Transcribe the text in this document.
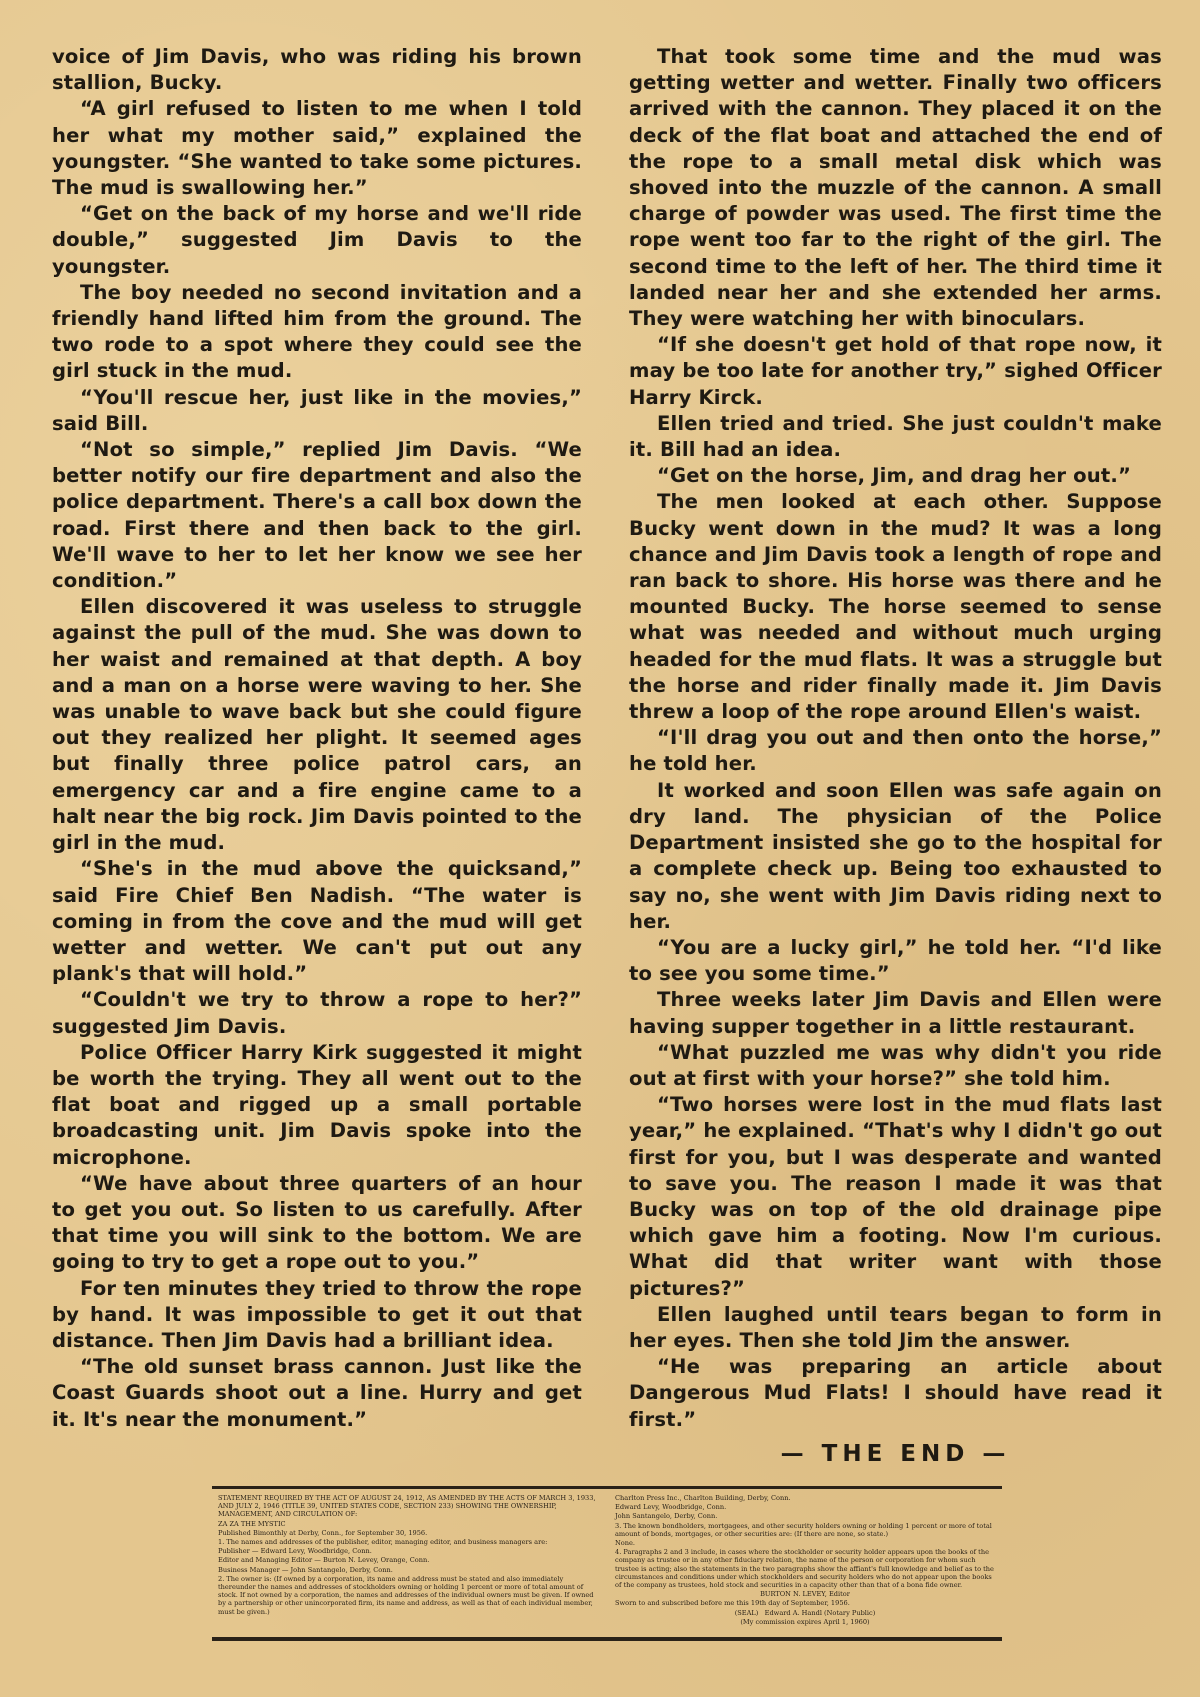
voice of Jim Davis, who was riding his brown stallion, Bucky.

“A girl refused to listen to me when I told her what my mother said,” explained the youngster. “She wanted to take some pictures. The mud is swallowing her.”

“Get on the back of my horse and we'll ride double,” suggested Jim Davis to the youngster.

The boy needed no second invitation and a friendly hand lifted him from the ground. The two rode to a spot where they could see the girl stuck in the mud.

“You'll rescue her, just like in the movies,” said Bill.

“Not so simple,” replied Jim Davis. “We better notify our fire department and also the police department. There's a call box down the road. First there and then back to the girl. We'll wave to her to let her know we see her condition.”

Ellen discovered it was useless to struggle against the pull of the mud. She was down to her waist and remained at that depth. A boy and a man on a horse were waving to her. She was unable to wave back but she could figure out they realized her plight. It seemed ages but finally three police patrol cars, an emergency car and a fire engine came to a halt near the big rock. Jim Davis pointed to the girl in the mud.

“She's in the mud above the quicksand,” said Fire Chief Ben Nadish. “The water is coming in from the cove and the mud will get wetter and wetter. We can't put out any plank's that will hold.”

“Couldn't we try to throw a rope to her?” suggested Jim Davis.

Police Officer Harry Kirk suggested it might be worth the trying. They all went out to the flat boat and rigged up a small portable broadcasting unit. Jim Davis spoke into the microphone.

“We have about three quarters of an hour to get you out. So listen to us carefully. After that time you will sink to the bottom. We are going to try to get a rope out to you.”

For ten minutes they tried to throw the rope by hand. It was impossible to get it out that distance. Then Jim Davis had a brilliant idea.

“The old sunset brass cannon. Just like the Coast Guards shoot out a line. Hurry and get it. It's near the monument.”

That took some time and the mud was getting wetter and wetter. Finally two officers arrived with the cannon. They placed it on the deck of the flat boat and attached the end of the rope to a small metal disk which was shoved into the muzzle of the cannon. A small charge of powder was used. The first time the rope went too far to the right of the girl. The second time to the left of her. The third time it landed near her and she extended her arms. They were watching her with binoculars.

“If she doesn't get hold of that rope now, it may be too late for another try,” sighed Officer Harry Kirck.

Ellen tried and tried. She just couldn't make it. Bill had an idea.

“Get on the horse, Jim, and drag her out.”

The men looked at each other. Suppose Bucky went down in the mud? It was a long chance and Jim Davis took a length of rope and ran back to shore. His horse was there and he mounted Bucky. The horse seemed to sense what was needed and without much urging headed for the mud flats. It was a struggle but the horse and rider finally made it. Jim Davis threw a loop of the rope around Ellen's waist.

“I'll drag you out and then onto the horse,” he told her.

It worked and soon Ellen was safe again on dry land. The physician of the Police Department insisted she go to the hospital for a complete check up. Being too exhausted to say no, she went with Jim Davis riding next to her.

“You are a lucky girl,” he told her. “I'd like to see you some time.”

Three weeks later Jim Davis and Ellen were having supper together in a little restaurant.

“What puzzled me was why didn't you ride out at first with your horse?” she told him.

“Two horses were lost in the mud flats last year,” he explained. “That's why I didn't go out first for you, but I was desperate and wanted to save you. The reason I made it was that Bucky was on top of the old drainage pipe which gave him a footing. Now I'm curious. What did that writer want with those pictures?”

Ellen laughed until tears began to form in her eyes. Then she told Jim the answer.

“He was preparing an article about Dangerous Mud Flats! I should have read it first.”

— THE END —

STATEMENT REQUIRED BY THE ACT OF AUGUST 24, 1912, AS AMENDED BY THE ACTS OF MARCH 3, 1933, AND JULY 2, 1946 (TITLE 39, UNITED STATES CODE, SECTION 233) SHOWING THE OWNERSHIP, MANAGEMENT, AND CIRCULATION OF:

ZA ZA THE MYSTIC

Published Bimonthly at Derby, Conn., for September 30, 1956.

1. The names and addresses of the publisher, editor, managing editor, and business managers are:

Publisher — Edward Levy, Woodbridge, Conn.

Editor and Managing Editor — Burton N. Levey, Orange, Conn.

Business Manager — John Santangelo, Derby, Conn.

2. The owner is: (If owned by a corporation, its name and address must be stated and also immediately thereunder the names and addresses of stockholders owning or holding 1 percent or more of total amount of stock. If not owned by a corporation, the names and addresses of the individual owners must be given. If owned by a partnership or other unincorporated firm, its name and address, as well as that of each individual member, must be given.)

Charlton Press Inc., Charlton Building, Derby, Conn.

Edward Levy, Woodbridge, Conn.

John Santangelo, Derby, Conn.

3. The known bondholders, mortgagees, and other security holders owning or holding 1 percent or more of total amount of bonds, mortgages, or other securities are: (If there are none, so state.)

None.

4. Paragraphs 2 and 3 include, in cases where the stockholder or security holder appears upon the books of the company as trustee or in any other fiduciary relation, the name of the person or corporation for whom such trustee is acting; also the statements in the two paragraphs show the affiant's full knowledge and belief as to the circumstances and conditions under which stockholders and security holders who do not appear upon the books of the company as trustees, hold stock and securities in a capacity other than that of a bona fide owner.

BURTON N. LEVEY, Editor

Sworn to and subscribed before me this 19th day of September, 1956.

(SEAL) Edward A. Handl (Notary Public)

(My commission expires April 1, 1960)
